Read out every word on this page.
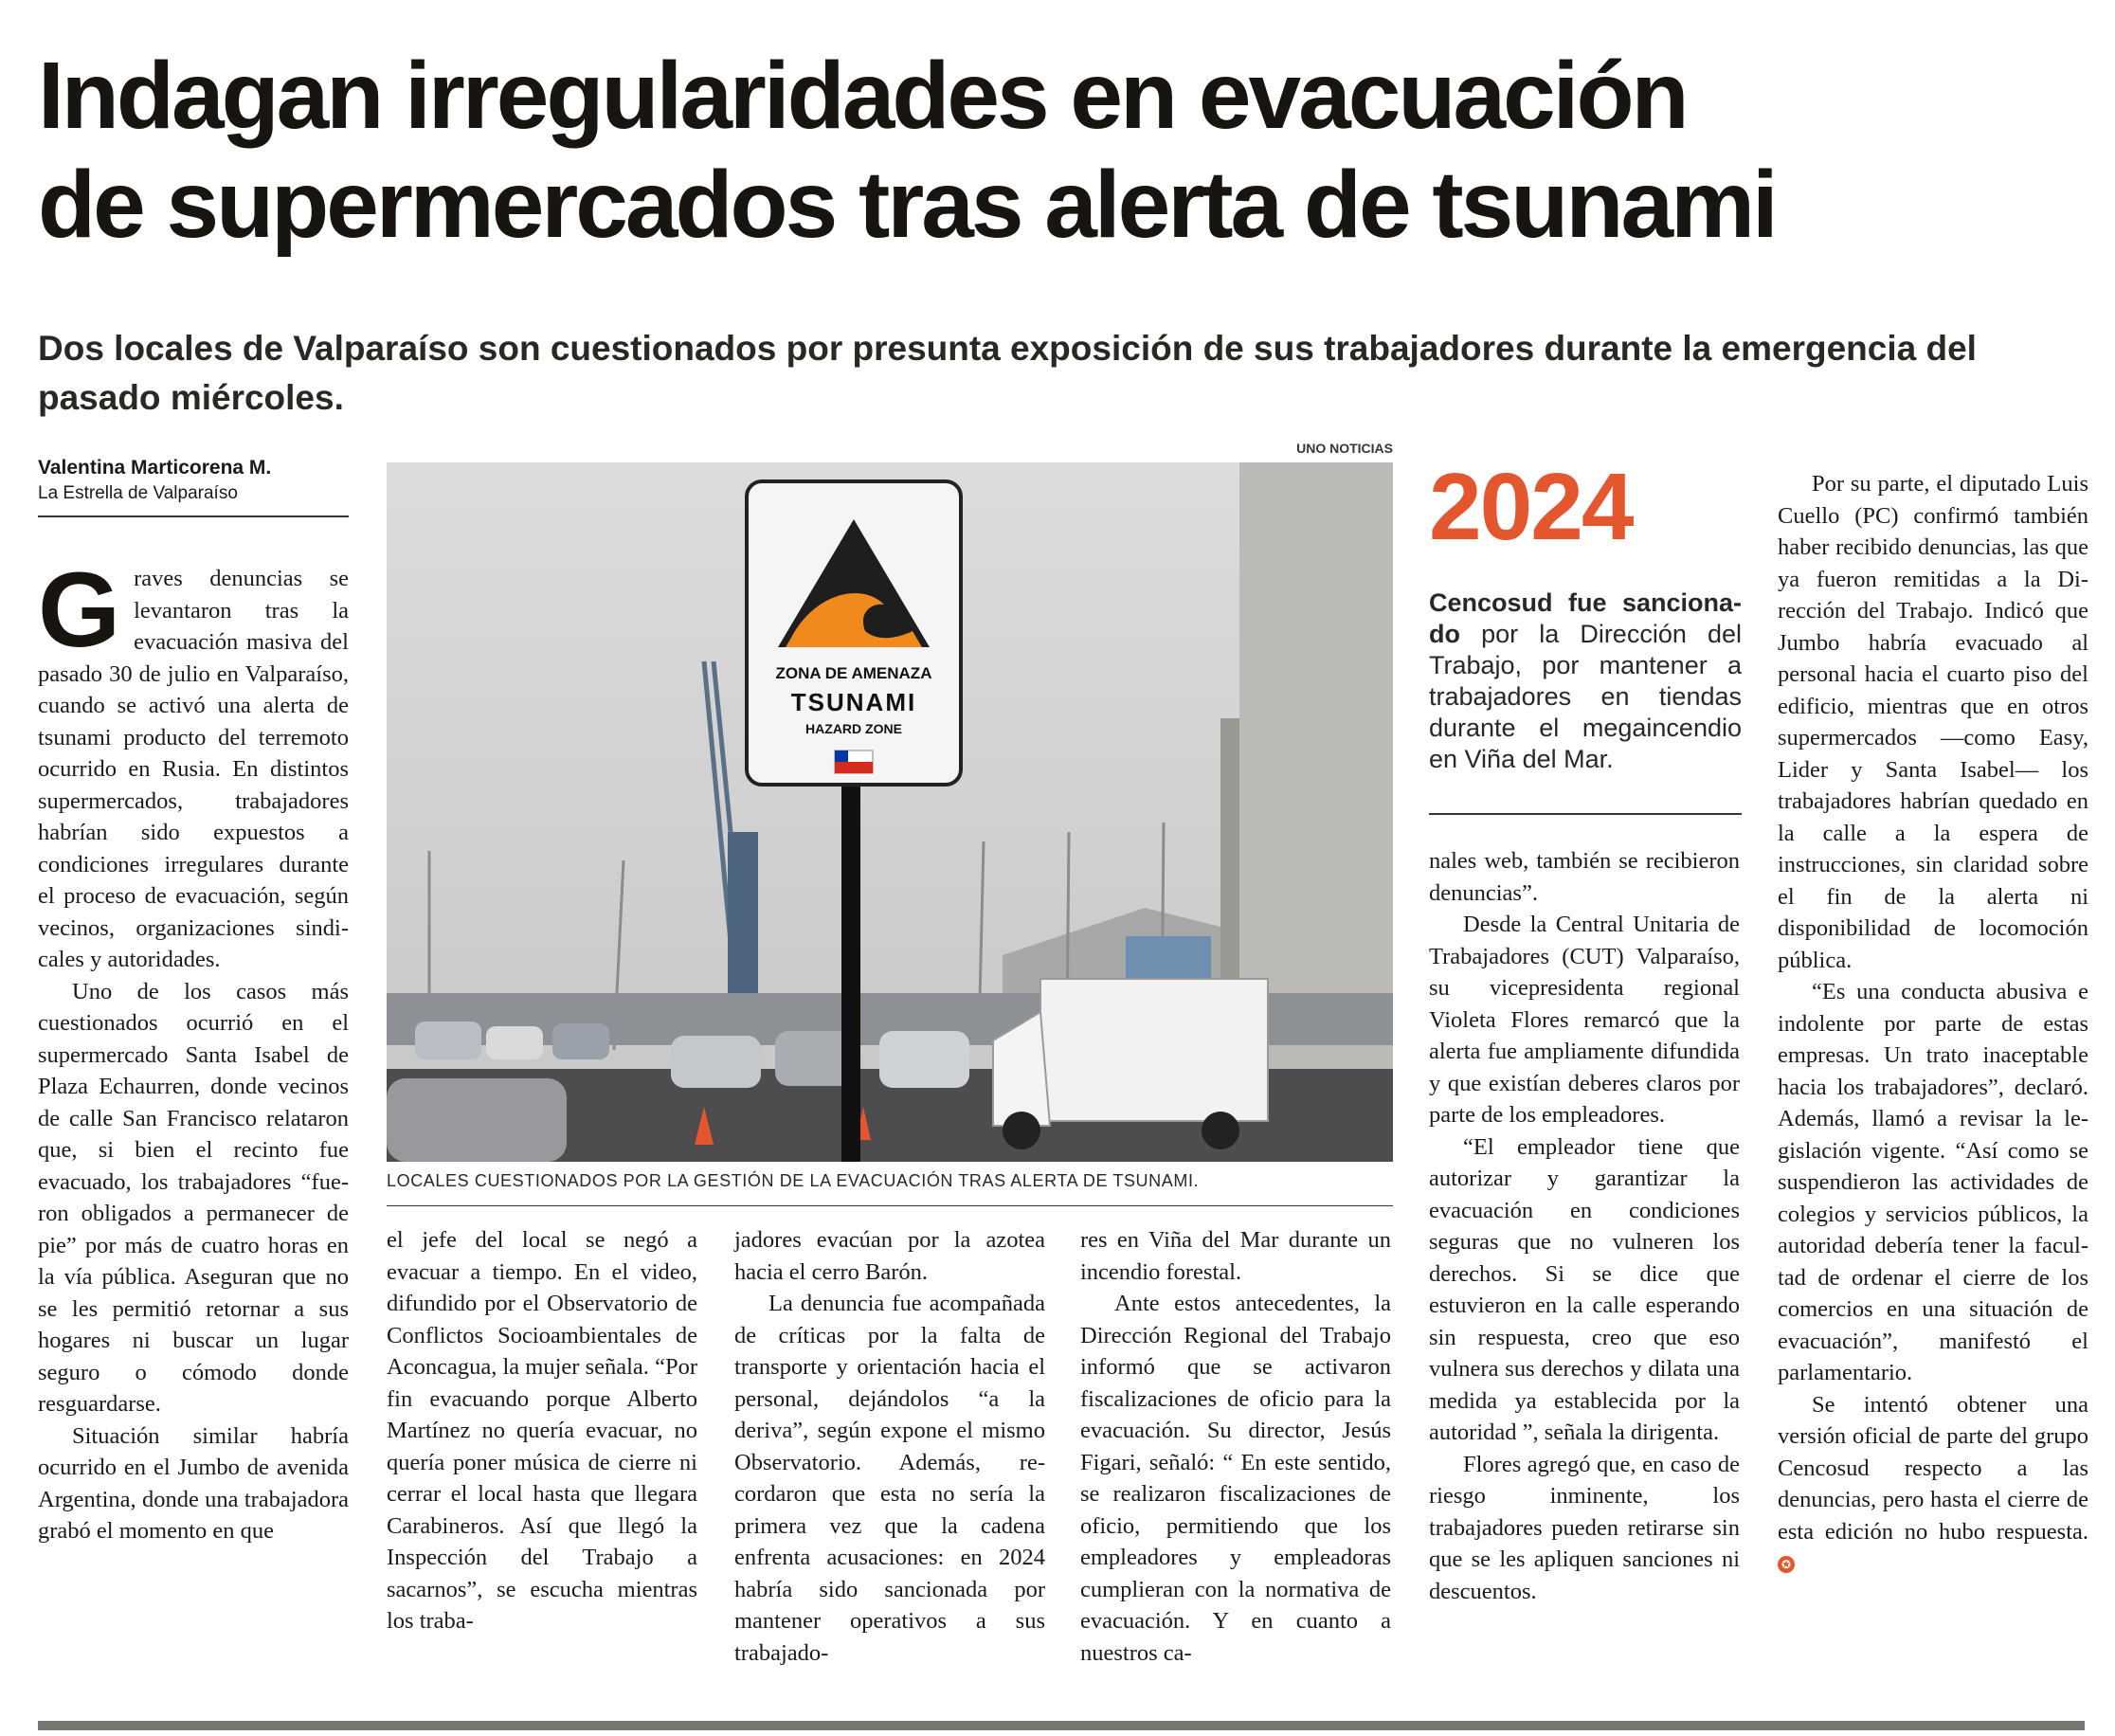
Indagan irregularidades en evacuación
de supermercados tras alerta de tsunami

Dos locales de Valparaíso son cuestionados por presunta exposición de sus trabajadores durante la emergencia del pasado miércoles.

Valentina Marticorena M.
La Estrella de Valparaíso

Graves denuncias se levantaron tras la evacuación masiva del pasado 30 de julio en Valparaíso, cuando se activó una alerta de tsunami producto del terremoto ocurrido en Rusia. En distintos supermercados, trabajadores habrían sido expuestos a condiciones irregulares durante el proceso de evacuación, según vecinos, organizaciones sindicales y autoridades.

Uno de los casos más cuestionados ocurrió en el supermercado Santa Isabel de Plaza Echaurren, donde vecinos de calle San Francisco relataron que, si bien el recinto fue evacuado, los trabajadores “fueron obligados a permanecer de pie” por más de cuatro horas en la vía pública. Aseguran que no se les permitió retornar a sus hogares ni buscar un lugar seguro o cómodo donde resguardarse.

Situación similar habría ocurrido en el Jumbo de avenida Argentina, donde una trabajadora grabó el momento en que

el jefe del local se negó a evacuar a tiempo. En el video, difundido por el Observatorio de Conflictos Socioambientales de Aconcagua, la mujer señala. “Por fin evacuando porque Alberto Martínez no quería evacuar, no quería poner música de cierre ni cerrar el local hasta que llegara Carabineros. Así que llegó la Inspección del Trabajo a sacarnos”, se escucha mientras los traba-

jadores evacúan por la azotea hacia el cerro Barón.

La denuncia fue acompañada de críticas por la falta de transporte y orientación hacia el personal, dejándolos “a la deriva”, según expone el mismo Observatorio. Además, recordaron que esta no sería la primera vez que la cadena enfrenta acusaciones: en 2024 habría sido sancionada por mantener operativos a sus trabajado-

res en Viña del Mar durante un incendio forestal.

Ante estos antecedentes, la Dirección Regional del Trabajo informó que se activaron fiscalizaciones de oficio para la evacuación. Su director, Jesús Figari, señaló: “ En este sentido, se realizaron fiscalizaciones de oficio, permitiendo que los empleadores y empleadoras cumplieran con la normativa de evacuación. Y en cuanto a nuestros ca-

UNO NOTICIAS
ZONA DE AMENAZA
TSUNAMI
HAZARD ZONE
LOCALES CUESTIONADOS POR LA GESTIÓN DE LA EVACUACIÓN TRAS ALERTA DE TSUNAMI.
2024
Cencosud fue sancionado por la Dirección del Trabajo, por mantener a trabajadores en tiendas durante el megaincendio en Viña del Mar.

nales web, también se recibieron denuncias”.

Desde la Central Unitaria de Trabajadores (CUT) Valparaíso, su vicepresidenta regional Violeta Flores remarcó que la alerta fue ampliamente difundida y que existían deberes claros por parte de los empleadores.

“El empleador tiene que autorizar y garantizar la evacuación en condiciones seguras que no vulneren los derechos. Si se dice que estuvieron en la calle esperando sin respuesta, creo que eso vulnera sus derechos y dilata una medida ya establecida por la autoridad ”, señala la dirigenta.

Flores agregó que, en caso de riesgo inminente, los trabajadores pueden retirarse sin que se les apliquen sanciones ni descuentos.

Por su parte, el diputado Luis Cuello (PC) confirmó también haber recibido denuncias, las que ya fueron remitidas a la Dirección del Trabajo. Indicó que Jumbo habría evacuado al personal hacia el cuarto piso del edificio, mientras que en otros supermercados —como Easy, Lider y Santa Isabel— los trabajadores habrían quedado en la calle a la espera de instrucciones, sin claridad sobre el fin de la alerta ni disponibilidad de locomoción pública.

“Es una conducta abusiva e indolente por parte de estas empresas. Un trato inaceptable hacia los trabajadores”, declaró. Además, llamó a revisar la legislación vigente. “Así como se suspendieron las actividades de colegios y servicios públicos, la autoridad debería tener la facultad de ordenar el cierre de los comercios en una situación de evacuación”, manifestó el parlamentario.

Se intentó obtener una versión oficial de parte del grupo Cencosud respecto a las denuncias, pero hasta el cierre de esta edición no hubo respuesta. ✪
